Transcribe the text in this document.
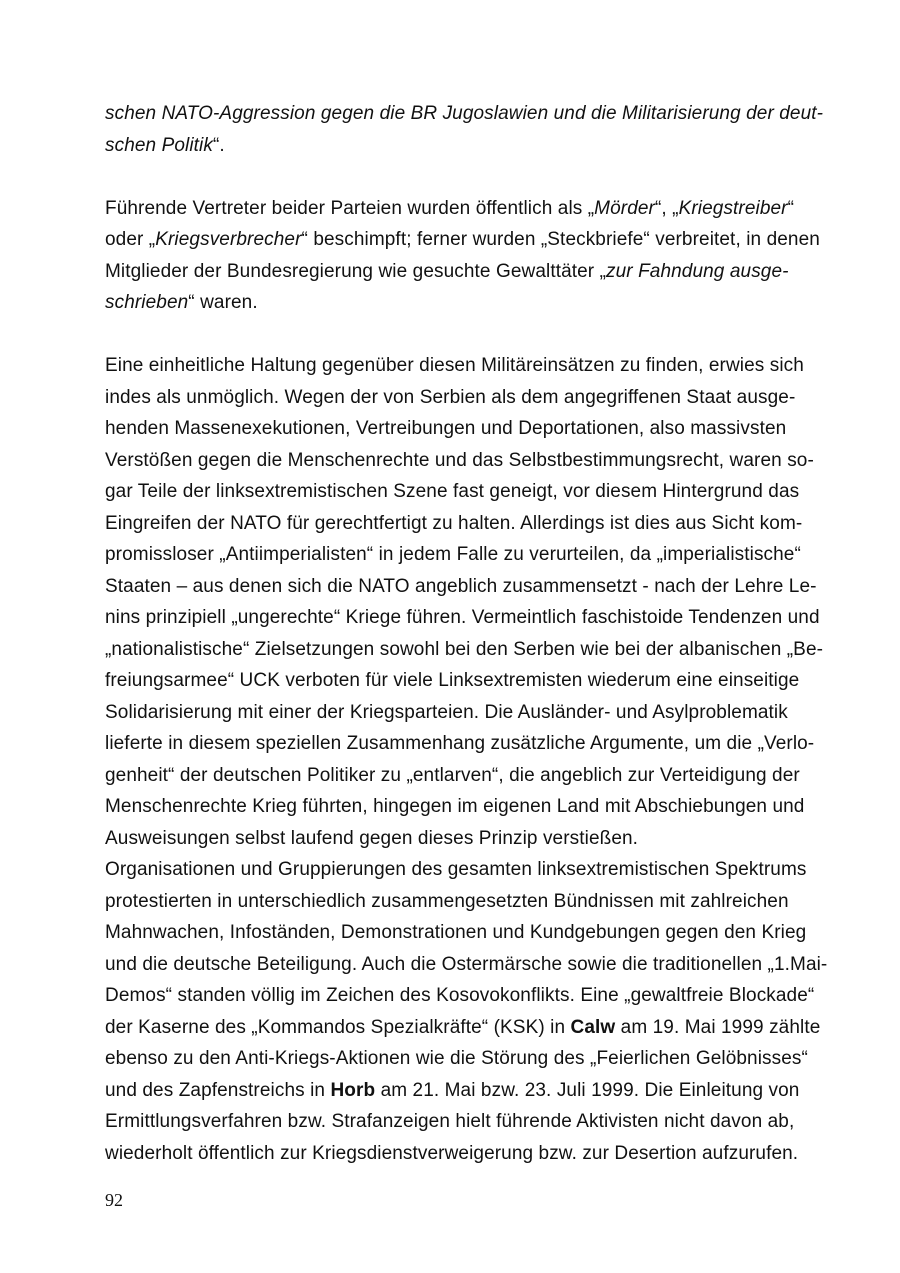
schen NATO-Aggression gegen die BR Jugoslawien und die Militarisierung der deut-
schen Politik“.
Führende Vertreter beider Parteien wurden öffentlich als „Mörder“, „Kriegstreiber“
oder „Kriegsverbrecher“ beschimpft; ferner wurden „Steckbriefe“ verbreitet, in denen
Mitglieder der Bundesregierung wie gesuchte Gewalttäter „zur Fahndung ausge-
schrieben“ waren.
Eine einheitliche Haltung gegenüber diesen Militäreinsätzen zu finden, erwies sich
indes als unmöglich. Wegen der von Serbien als dem angegriffenen Staat ausge-
henden Massenexekutionen, Vertreibungen und Deportationen, also massivsten
Verstößen gegen die Menschenrechte und das Selbstbestimmungsrecht, waren so-
gar Teile der linksextremistischen Szene fast geneigt, vor diesem Hintergrund das
Eingreifen der NATO für gerechtfertigt zu halten. Allerdings ist dies aus Sicht kom-
promissloser „Antiimperialisten“ in jedem Falle zu verurteilen, da „imperialistische“
Staaten – aus denen sich die NATO angeblich zusammensetzt - nach der Lehre Le-
nins prinzipiell „ungerechte“ Kriege führen. Vermeintlich faschistoide Tendenzen und
„nationalistische“ Zielsetzungen sowohl bei den Serben wie bei der albanischen „Be-
freiungsarmee“ UCK verboten für viele Linksextremisten wiederum eine einseitige
Solidarisierung mit einer der Kriegsparteien. Die Ausländer- und Asylproblematik
lieferte in diesem speziellen Zusammenhang zusätzliche Argumente, um die „Verlo-
genheit“ der deutschen Politiker zu „entlarven“, die angeblich zur Verteidigung der
Menschenrechte Krieg führten, hingegen im eigenen Land mit Abschiebungen und
Ausweisungen selbst laufend gegen dieses Prinzip verstießen.
Organisationen und Gruppierungen des gesamten linksextremistischen Spektrums
protestierten in unterschiedlich zusammengesetzten Bündnissen mit zahlreichen
Mahnwachen, Infoständen, Demonstrationen und Kundgebungen gegen den Krieg
und die deutsche Beteiligung. Auch die Ostermärsche sowie die traditionellen „1.Mai-
Demos“ standen völlig im Zeichen des Kosovokonflikts. Eine „gewaltfreie Blockade“
der Kaserne des „Kommandos Spezialkräfte“ (KSK) in Calw am 19. Mai 1999 zählte
ebenso zu den Anti-Kriegs-Aktionen wie die Störung des „Feierlichen Gelöbnisses“
und des Zapfenstreichs in Horb am 21. Mai bzw. 23. Juli 1999. Die Einleitung von
Ermittlungsverfahren bzw. Strafanzeigen hielt führende Aktivisten nicht davon ab,
wiederholt öffentlich zur Kriegsdienstverweigerung bzw. zur Desertion aufzurufen.
92
